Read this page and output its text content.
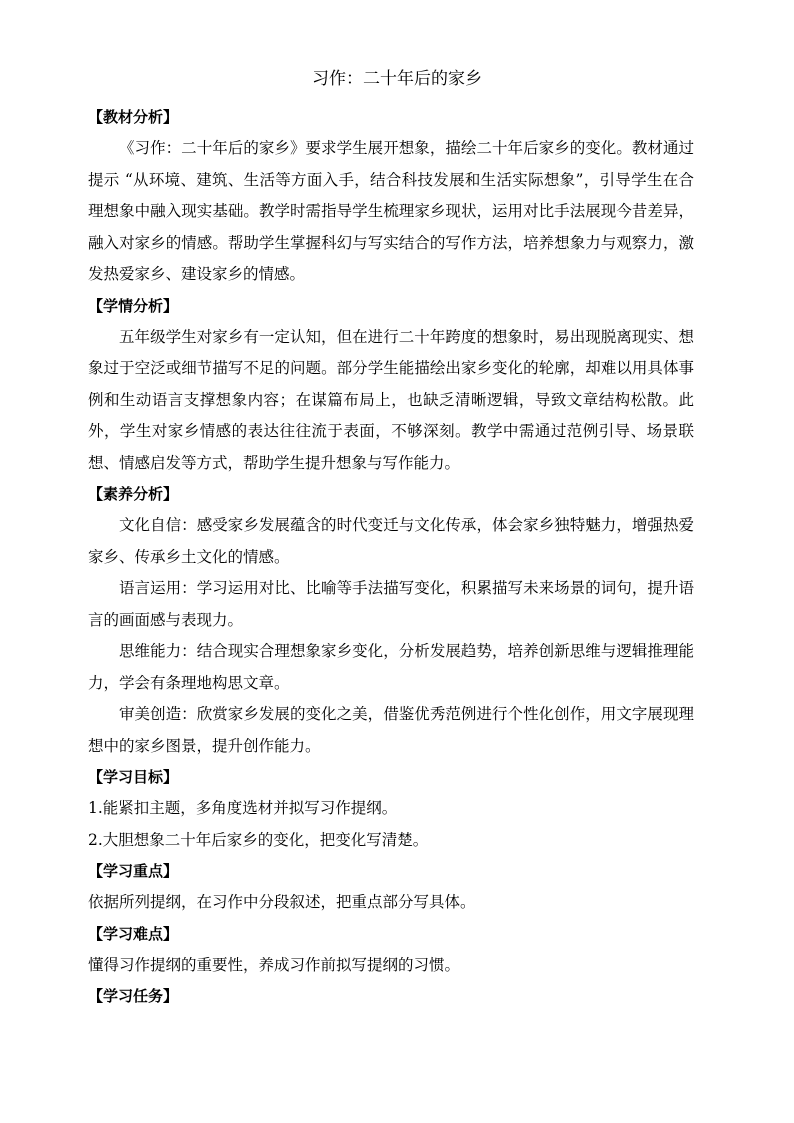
习作：二十年后的家乡
【教材分析】

《习作：二十年后的家乡》要求学生展开想象，描绘二十年后家乡的变化。教材通过提示 “从环境、建筑、生活等方面入手，结合科技发展和生活实际想象”，引导学生在合理想象中融入现实基础。教学时需指导学生梳理家乡现状，运用对比手法展现今昔差异，融入对家乡的情感。帮助学生掌握科幻与写实结合的写作方法，培养想象力与观察力，激发热爱家乡、建设家乡的情感。

【学情分析】

五年级学生对家乡有一定认知，但在进行二十年跨度的想象时，易出现脱离现实、想象过于空泛或细节描写不足的问题。部分学生能描绘出家乡变化的轮廓，却难以用具体事例和生动语言支撑想象内容；在谋篇布局上，也缺乏清晰逻辑，导致文章结构松散。此外，学生对家乡情感的表达往往流于表面，不够深刻。教学中需通过范例引导、场景联想、情感启发等方式，帮助学生提升想象与写作能力。

【素养分析】

文化自信：感受家乡发展蕴含的时代变迁与文化传承，体会家乡独特魅力，增强热爱家乡、传承乡土文化的情感。

语言运用：学习运用对比、比喻等手法描写变化，积累描写未来场景的词句，提升语言的画面感与表现力。

思维能力：结合现实合理想象家乡变化，分析发展趋势，培养创新思维与逻辑推理能力，学会有条理地构思文章。

审美创造：欣赏家乡发展的变化之美，借鉴优秀范例进行个性化创作，用文字展现理想中的家乡图景，提升创作能力。

【学习目标】

1.能紧扣主题，多角度选材并拟写习作提纲。

2.大胆想象二十年后家乡的变化，把变化写清楚。

【学习重点】

依据所列提纲，在习作中分段叙述，把重点部分写具体。

【学习难点】

懂得习作提纲的重要性，养成习作前拟写提纲的习惯。

【学习任务】
